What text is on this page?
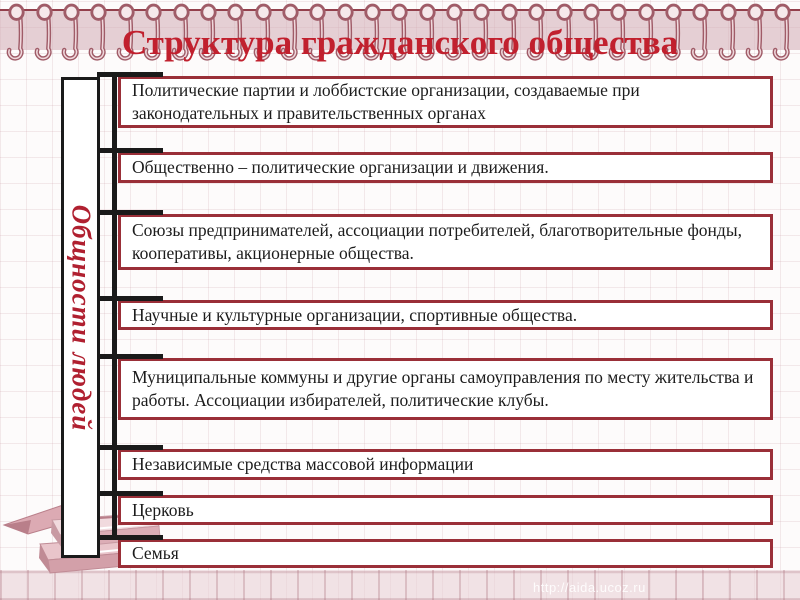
Структура гражданского общества
Общности людей
Политические партии и лоббистские организации, создаваемые при законодательных и правительственных органах
Общественно – политические организации и движения.
Союзы предпринимателей, ассоциации потребителей, благотворительные фонды, кооперативы, акционерные общества.
Научные и культурные организации, спортивные общества.
Муниципальные коммуны и другие органы самоуправления по месту жительства и работы. Ассоциации избирателей, политические клубы.
Независимые средства массовой информации
Церковь
Семья
http://aida.ucoz.ru
